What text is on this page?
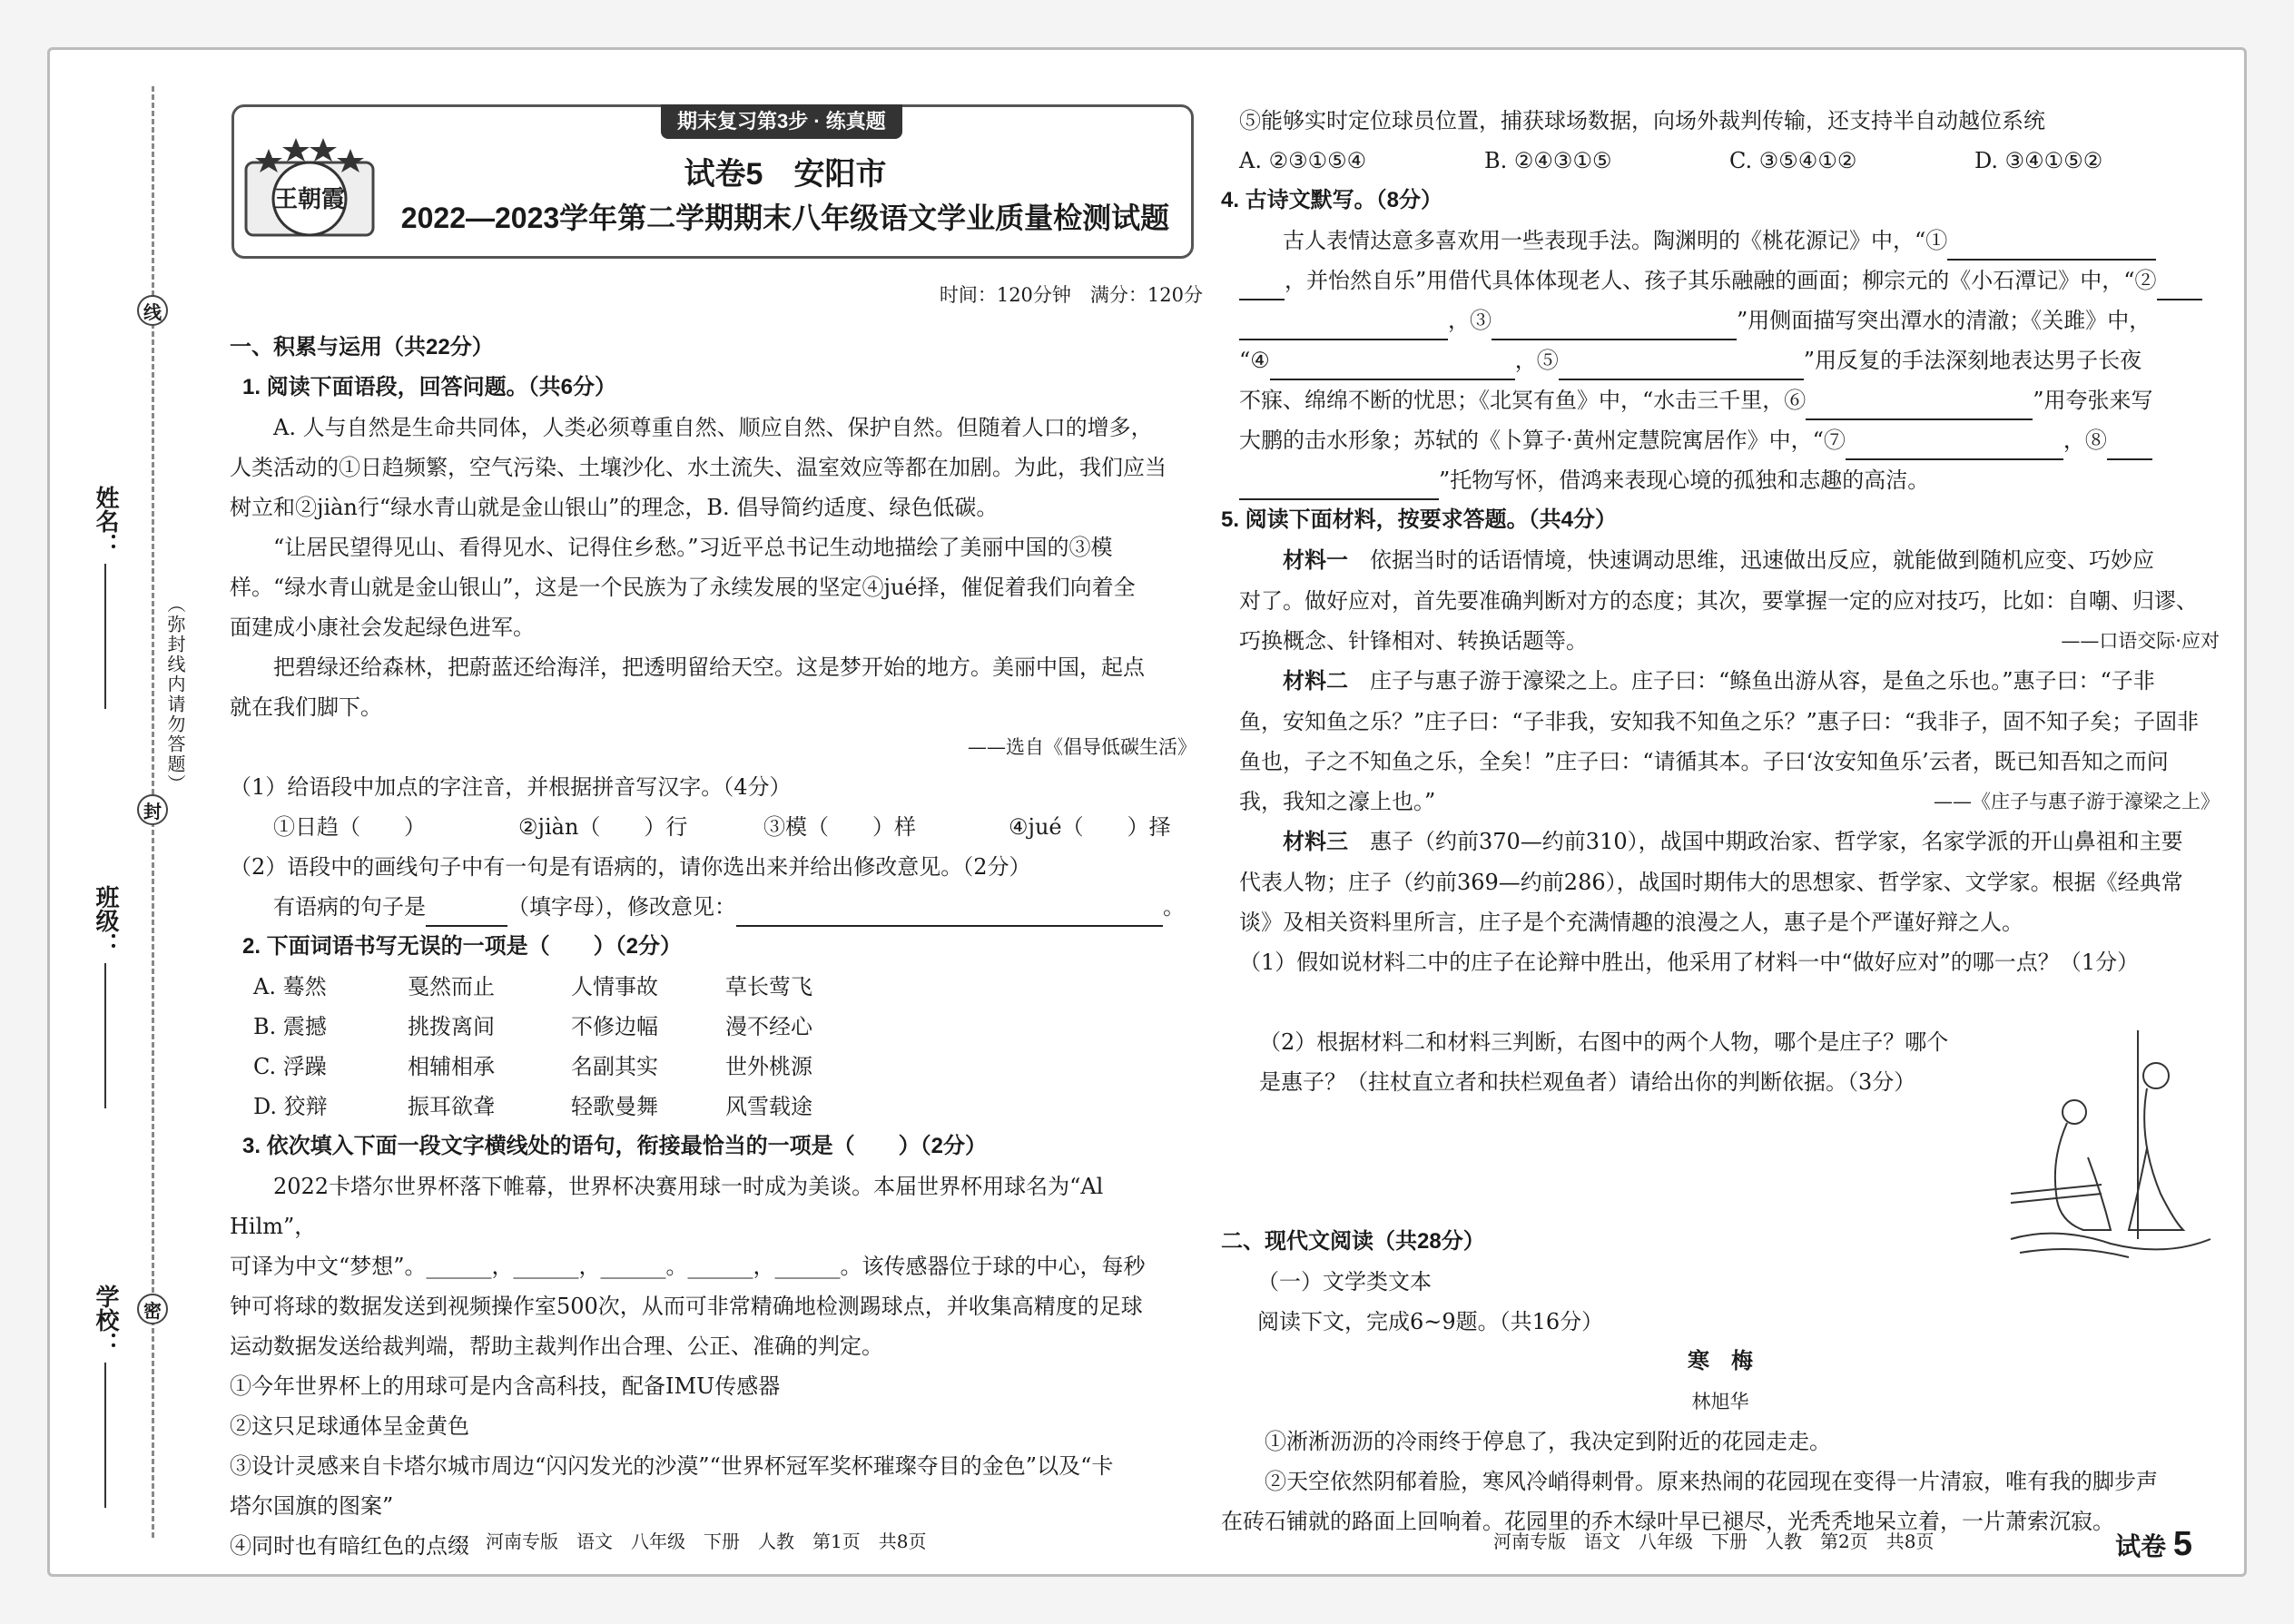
线
封
密
姓名：
班级：
学校：
（弥封线内请勿答题）
王朝霞
期末复习第3步 · 练真题
试卷5　安阳市
2022—2023学年第二学期期末八年级语文学业质量检测试题
时间：120分钟　满分：120分
一、积累与运用（共22分）
1. 阅读下面语段，回答问题。（共6分）
A. 人与自然是生命共同体，人类必须尊重自然、顺应自然、保护自然。但随着人口的增多，
人类活动的①日趋频繁，空气污染、土壤沙化、水土流失、温室效应等都在加剧。为此，我们应当
树立和②jiàn行“绿水青山就是金山银山”的理念，B. 倡导简约适度、绿色低碳。
“让居民望得见山、看得见水、记得住乡愁。”习近平总书记生动地描绘了美丽中国的③模
样。“绿水青山就是金山银山”，这是一个民族为了永续发展的坚定④jué择，催促着我们向着全
面建成小康社会发起绿色进军。
把碧绿还给森林，把蔚蓝还给海洋，把透明留给天空。这是梦开始的地方。美丽中国，起点
就在我们脚下。
——选自《倡导低碳生活》
（1）给语段中加点的字注音，并根据拼音写汉字。（4分）
①日趋（　　）	②jiàn（　　）行	③模（　　）样	④jué（　　）择
（2）语段中的画线句子中有一句是有语病的，请你选出来并给出修改意见。（2分）
有语病的句子是	（填字母），修改意见：	。
2. 下面词语书写无误的一项是（　　）（2分）
A. 蓦然	戛然而止	人情事故	草长莺飞
B. 震撼	挑拨离间	不修边幅	漫不经心
C. 浮躁	相辅相承	名副其实	世外桃源
D. 狡辩	振耳欲聋	轻歌曼舞	风雪载途
3. 依次填入下面一段文字横线处的语句，衔接最恰当的一项是（　　）（2分）
2022卡塔尔世界杯落下帷幕，世界杯决赛用球一时成为美谈。本届世界杯用球名为“Al Hilm”，
可译为中文“梦想”。______，______，______。______，______。该传感器位于球的中心，每秒
钟可将球的数据发送到视频操作室500次，从而可非常精确地检测踢球点，并收集高精度的足球
运动数据发送给裁判端，帮助主裁判作出合理、公正、准确的判定。
①今年世界杯上的用球可是内含高科技，配备IMU传感器
②这只足球通体呈金黄色
③设计灵感来自卡塔尔城市周边“闪闪发光的沙漠”“世界杯冠军奖杯璀璨夺目的金色”以及“卡
塔尔国旗的图案”
④同时也有暗红色的点缀 河南专版　语文　八年级　下册　人教　第1页　共8页
⑤能够实时定位球员位置，捕获球场数据，向场外裁判传输，还支持半自动越位系统
A. ②③①⑤④	B. ②④③①⑤	C. ③⑤④①②	D. ③④①⑤②
4. 古诗文默写。（8分）
古人表情达意多喜欢用一些表现手法。陶渊明的《桃花源记》中，“①
，并怡然自乐”用借代具体体现老人、孩子其乐融融的画面；柳宗元的《小石潭记》中，“②
，③	”用侧面描写突出潭水的清澈；《关雎》中，
“④	，⑤	”用反复的手法深刻地表达男子长夜
不寐、绵绵不断的忧思；《北冥有鱼》中，“水击三千里，⑥	”用夸张来写
大鹏的击水形象；苏轼的《卜算子·黄州定慧院寓居作》中，“⑦	，⑧
”托物写怀，借鸿来表现心境的孤独和志趣的高洁。
5. 阅读下面材料，按要求答题。（共4分）
材料一　 依据当时的话语情境，快速调动思维，迅速做出反应，就能做到随机应变、巧妙应
对了。做好应对，首先要准确判断对方的态度；其次，要掌握一定的应对技巧，比如：自嘲、归谬、
巧换概念、针锋相对、转换话题等。	——口语交际·应对
材料二　 庄子与惠子游于濠梁之上。庄子曰：“鲦鱼出游从容，是鱼之乐也。”惠子曰：“子非
鱼，安知鱼之乐？”庄子曰：“子非我，安知我不知鱼之乐？”惠子曰：“我非子，固不知子矣；子固非
鱼也，子之不知鱼之乐，全矣！”庄子曰：“请循其本。子曰‘汝安知鱼乐’云者，既已知吾知之而问
我，我知之濠上也。”	——《庄子与惠子游于濠梁之上》
材料三　 惠子（约前370—约前310），战国中期政治家、哲学家，名家学派的开山鼻祖和主要
代表人物；庄子（约前369—约前286），战国时期伟大的思想家、哲学家、文学家。根据《经典常
谈》及相关资料里所言，庄子是个充满情趣的浪漫之人，惠子是个严谨好辩之人。
（1）假如说材料二中的庄子在论辩中胜出，他采用了材料一中“做好应对”的哪一点？（1分）
（2）根据材料二和材料三判断，右图中的两个人物，哪个是庄子？哪个
是惠子？（拄杖直立者和扶栏观鱼者）请给出你的判断依据。（3分）
二、现代文阅读（共28分）
（一）文学类文本
阅读下文，完成6~9题。（共16分）
寒　梅
林旭华
①淅淅沥沥的冷雨终于停息了，我决定到附近的花园走走。
②天空依然阴郁着脸，寒风冷峭得刺骨。原来热闹的花园现在变得一片清寂，唯有我的脚步声
在砖石铺就的路面上回响着。花园里的乔木绿叶早已褪尽，光秃秃地呆立着，一片萧索沉寂。
河南专版　语文　八年级　下册　人教　第2页　共8页	试卷 5
